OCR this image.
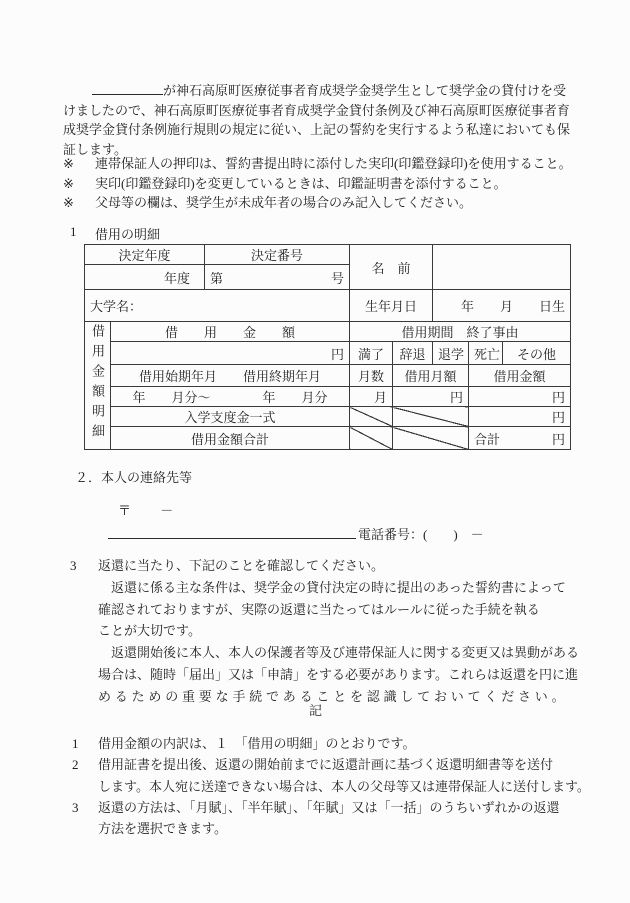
が神石高原町医療従事者育成奨学金奨学生として奨学金の貸付けを受
けましたので、神石高原町医療従事者育成奨学金貸付条例及び神石高原町医療従事者育
成奨学金貸付条例施行規則の規定に従い、上記の誓約を実行するよう私達においても保
証します。
※	連帯保証人の押印は、誓約書提出時に添付した実印(印鑑登録印)を使用すること。
※	実印(印鑑登録印)を変更しているときは、印鑑証明書を添付すること。
※	父母等の欄は、奨学生が未成年者の場合のみ記入してください。
1	借用の明細
決定年度		決定番号	名　前				
年度		第 号					

大学名：			生年月日		年　　月　　日生		
借用金額明細	借　　用　　金　　額		借用期間　終了事由				
	円		満了	辞退	退学	死亡	その他
	借用始期年月　　借用終期年月		月数	借用月額		借用金額	
	年　　月分～　　　　年　　月分		月	円		円	
	入学支度金一式					円	
	借用金額合計					合計 円	
２． 本人の連絡先等
〒 －
電話番号：(　　)　－
3	返還に当たり、下記のことを確認してください。
返還に係る主な条件は、奨学金の貸付決定の時に提出のあった誓約書によって
確認されておりますが、実際の返還に当たってはルールに従った手続を執る
ことが大切です。
返還開始後に本人、本人の保護者等及び連帯保証人に関する変更又は異動がある
場合は、随時「届出」又は「申請」をする必要があります。これらは返還を円に進
めるための重要な手続であることを認識しておいてください。
記
1	借用金額の内訳は、１　「借用の明細」のとおりです。
2	借用証書を提出後、返還の開始前までに返還計画に基づく返還明細書等を送付
します。本人宛に送達できない場合は、本人の父母等又は連帯保証人に送付します。
3	返還の方法は、「月賦」、「半年賦」、「年賦」又は「一括」のうちいずれかの返還
方法を選択できます。
